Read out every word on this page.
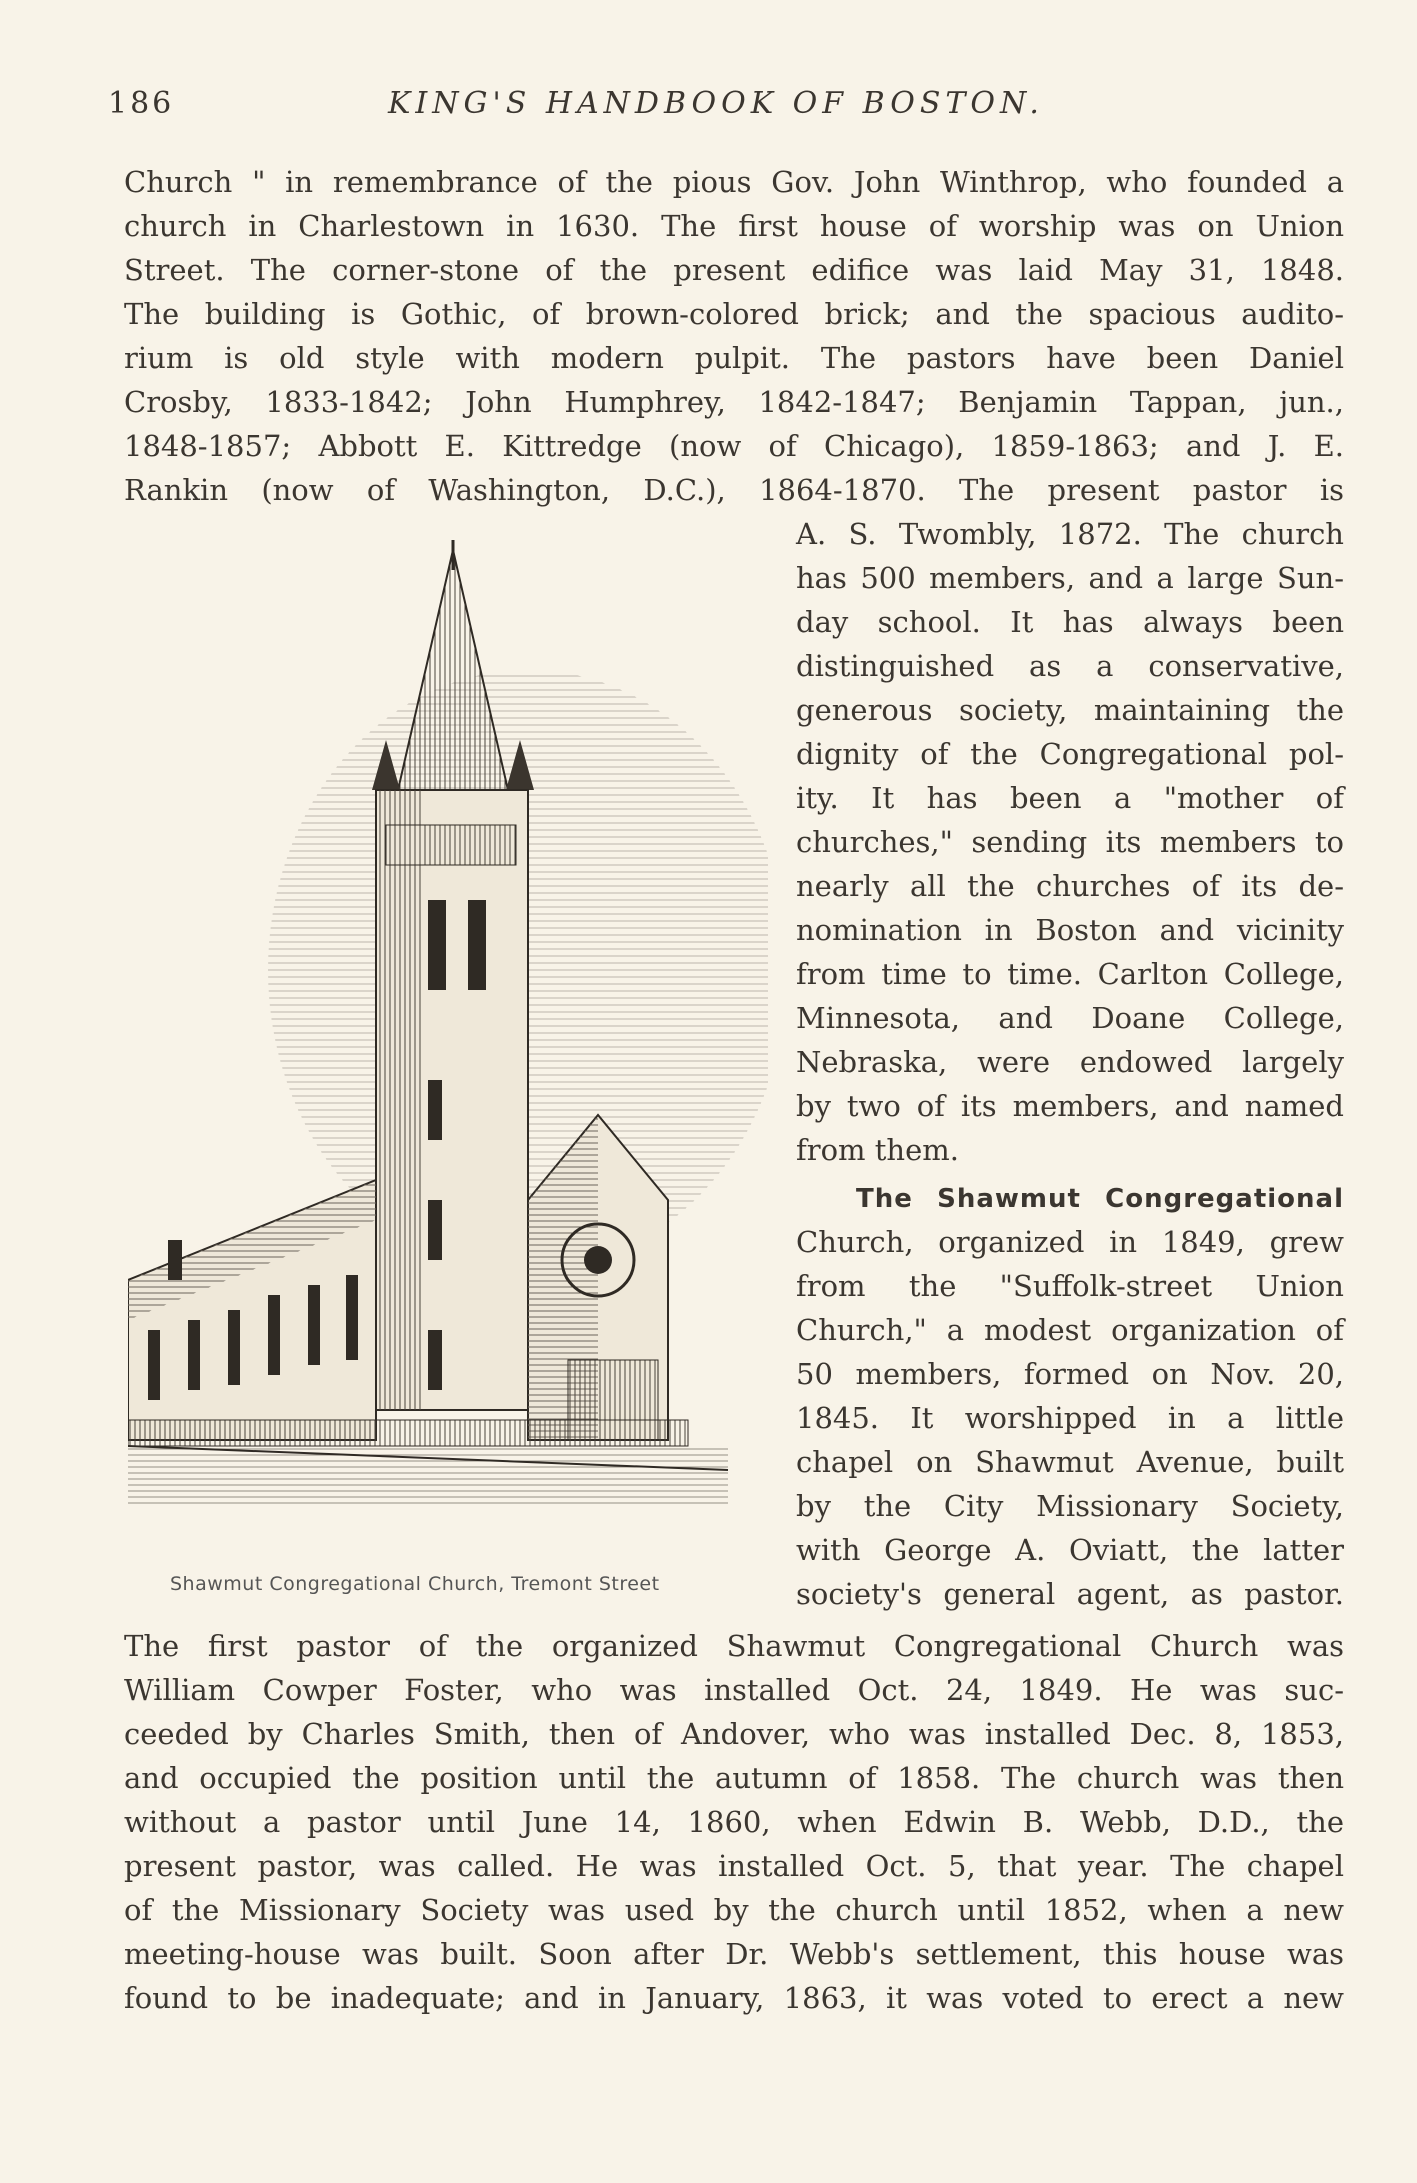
186	KING'S HANDBOOK OF BOSTON.
Church " in remembrance of the pious Gov. John Winthrop, who founded a
church in Charlestown in 1630. The first house of worship was on Union
Street. The corner-stone of the present edifice was laid May 31, 1848.
The building is Gothic, of brown-colored brick; and the spacious audito-
rium is old style with modern pulpit. The pastors have been Daniel
Crosby, 1833-1842; John Humphrey, 1842-1847; Benjamin Tappan, jun.,
1848-1857; Abbott E. Kittredge (now of Chicago), 1859-1863; and J. E.
Rankin (now of Washington, D.C.), 1864-1870. The present pastor is
A. S. Twombly, 1872. The church
has 500 members, and a large Sun-
day school. It has always been
distinguished as a conservative,
generous society, maintaining the
dignity of the Congregational pol-
ity. It has been a "mother of
churches," sending its members to
nearly all the churches of its de-
nomination in Boston and vicinity
from time to time. Carlton College,
Minnesota, and Doane College,
Nebraska, were endowed largely
by two of its members, and named
from them.
The Shawmut Congregational
Church, organized in 1849, grew
from the "Suffolk-street Union
Church," a modest organization of
50 members, formed on Nov. 20,
1845. It worshipped in a little
chapel on Shawmut Avenue, built
by the City Missionary Society,
with George A. Oviatt, the latter
society's general agent, as pastor.
The first pastor of the organized Shawmut Congregational Church was
William Cowper Foster, who was installed Oct. 24, 1849. He was suc-
ceeded by Charles Smith, then of Andover, who was installed Dec. 8, 1853,
and occupied the position until the autumn of 1858. The church was then
without a pastor until June 14, 1860, when Edwin B. Webb, D.D., the
present pastor, was called. He was installed Oct. 5, that year. The chapel
of the Missionary Society was used by the church until 1852, when a new
meeting-house was built. Soon after Dr. Webb's settlement, this house was
found to be inadequate; and in January, 1863, it was voted to erect a new
Shawmut Congregational Church, Tremont Street
